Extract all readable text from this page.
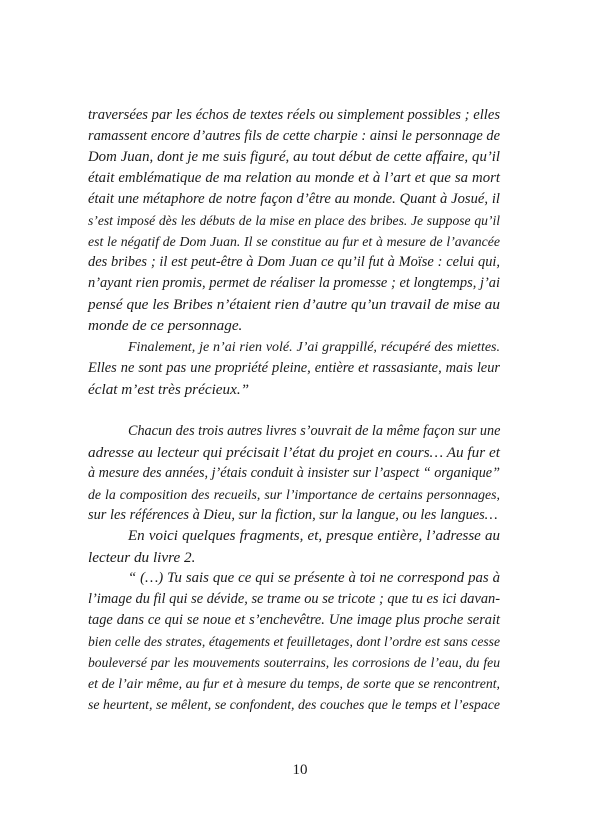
traversées par les échos de textes réels ou simplement possibles ; elles
ramassent encore d’autres fils de cette charpie : ainsi le personnage de
Dom Juan, dont je me suis figuré, au tout début de cette affaire, qu’il
était emblématique de ma relation au monde et à l’art et que sa mort
était une métaphore de notre façon d’être au monde. Quant à Josué, il
s’est imposé dès les débuts de la mise en place des bribes. Je suppose qu’il
est le négatif de Dom Juan. Il se constitue au fur et à mesure de l’avancée
des bribes ; il est peut-être à Dom Juan ce qu’il fut à Moïse : celui qui,
n’ayant rien promis, permet de réaliser la promesse ; et longtemps, j’ai
pensé que les Bribes n’étaient rien d’autre qu’un travail de mise au
monde de ce personnage.
Finalement, je n’ai rien volé. J’ai grappillé, récupéré des miettes.
Elles ne sont pas une propriété pleine, entière et rassasiante, mais leur
éclat m’est très précieux.”
Chacun des trois autres livres s’ouvrait de la même façon sur une
adresse au lecteur qui précisait l’état du projet en cours… Au fur et
à mesure des années, j’étais conduit à insister sur l’aspect “ organique”
de la composition des recueils, sur l’importance de certains personnages,
sur les références à Dieu, sur la fiction, sur la langue, ou les langues…
En voici quelques fragments, et, presque entière, l’adresse au
lecteur du livre 2.
“ (…) Tu sais que ce qui se présente à toi ne correspond pas à
l’image du fil qui se dévide, se trame ou se tricote ; que tu es ici davan-
tage dans ce qui se noue et s’enchevêtre. Une image plus proche serait
bien celle des strates, étagements et feuilletages, dont l’ordre est sans cesse
bouleversé par les mouvements souterrains, les corrosions de l’eau, du feu
et de l’air même, au fur et à mesure du temps, de sorte que se rencontrent,
se heurtent, se mêlent, se confondent, des couches que le temps et l’espace
10
